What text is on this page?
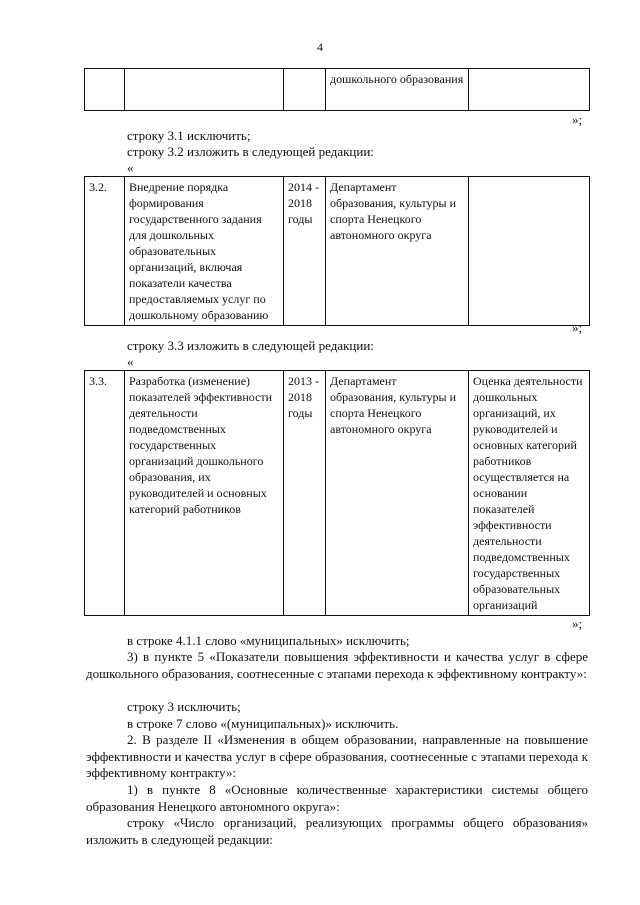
4
			дошкольного образования	
»;
строку 3.1 исключить;
строку 3.2 изложить в следующей редакции:
«
3.2.	Внедрение порядка формирования государственного задания для дошкольных образовательных организаций, включая показатели качества предоставляемых услуг по дошкольному образованию	2014 - 2018 годы	Департамент образования, культуры и спорта Ненецкого автономного округа	
»;
строку 3.3 изложить в следующей редакции:
«
3.3.	Разработка (изменение) показателей эффективности деятельности подведомственных государственных организаций дошкольного образования, их руководителей и основных категорий работников	2013 - 2018 годы	Департамент образования, культуры и спорта Ненецкого автономного округа	Оценка деятельности дошкольных организаций, их руководителей и основных категорий работников осуществляется на основании показателей эффективности деятельности подведомственных государственных образовательных организаций
»;
в строке 4.1.1 слово «муниципальных» исключить;
3) в пункте 5 «Показатели повышения эффективности и качества услуг в сфере дошкольного образования, соотнесенные с этапами перехода к эффективному контракту»:
строку 3 исключить;
в строке 7 слово «(муниципальных)» исключить.
2. В разделе II «Изменения в общем образовании, направленные на повышение эффективности и качества услуг в сфере образования, соотнесенные с этапами перехода к эффективному контракту»:
1) в пункте 8 «Основные количественные характеристики системы общего образования Ненецкого автономного округа»:
строку «Число организаций, реализующих программы общего образования» изложить в следующей редакции:
